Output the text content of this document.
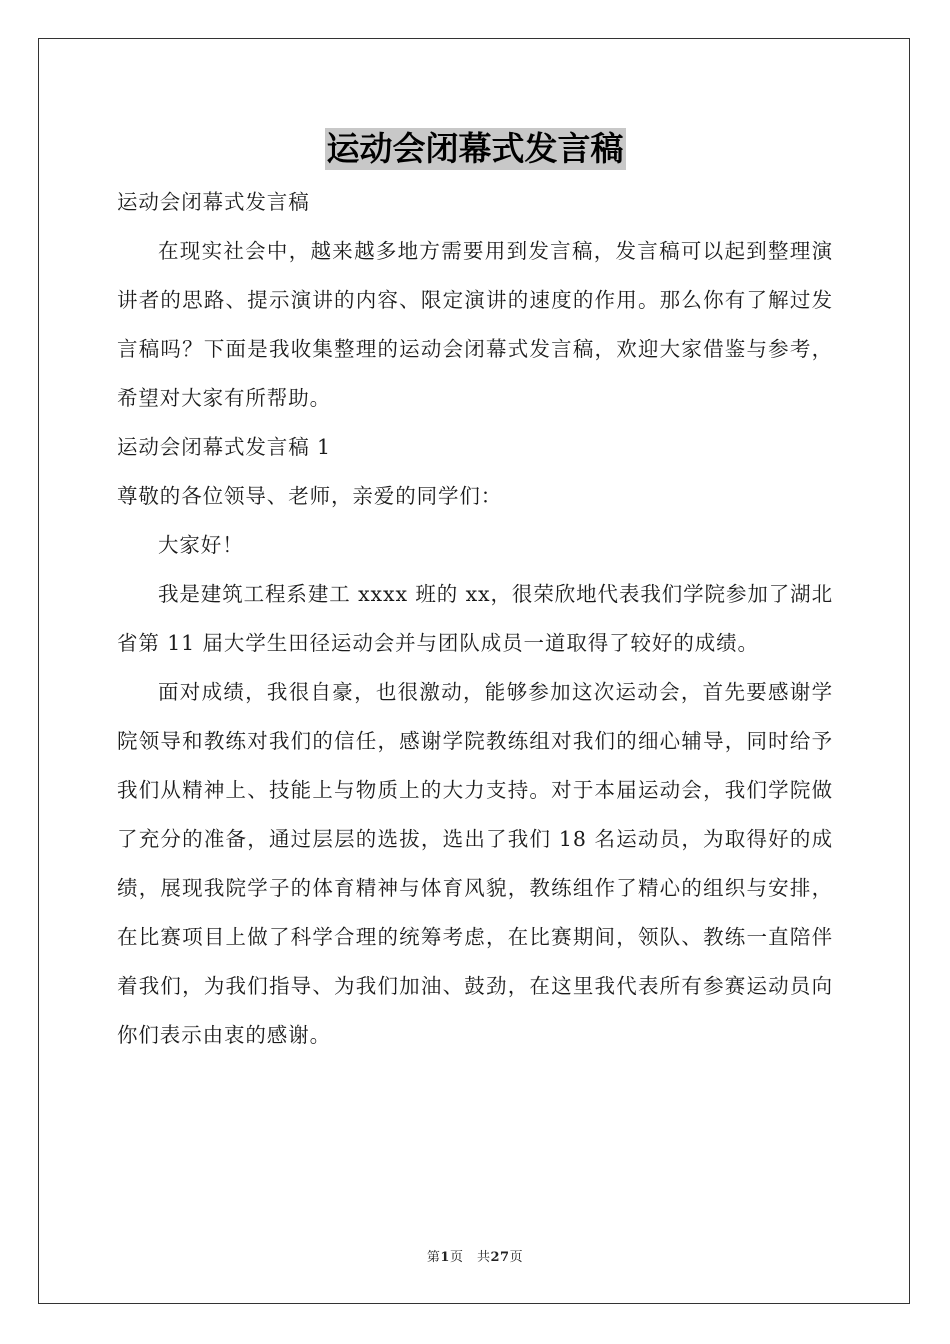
运动会闭幕式发言稿

运动会闭幕式发言稿

在现实社会中，越来越多地方需要用到发言稿，发言稿可以起到整理演讲者的思路、提示演讲的内容、限定演讲的速度的作用。那么你有了解过发言稿吗？下面是我收集整理的运动会闭幕式发言稿，欢迎大家借鉴与参考，希望对大家有所帮助。

运动会闭幕式发言稿 1

尊敬的各位领导、老师，亲爱的同学们：

大家好！

我是建筑工程系建工 xxxx 班的 xx，很荣欣地代表我们学院参加了湖北省第 11 届大学生田径运动会并与团队成员一道取得了较好的成绩。

面对成绩，我很自豪，也很激动，能够参加这次运动会，首先要感谢学院领导和教练对我们的信任，感谢学院教练组对我们的细心辅导，同时给予我们从精神上、技能上与物质上的大力支持。对于本届运动会，我们学院做了充分的准备，通过层层的选拔，选出了我们 18 名运动员，为取得好的成绩，展现我院学子的体育精神与体育风貌，教练组作了精心的组织与安排，在比赛项目上做了科学合理的统筹考虑，在比赛期间，领队、教练一直陪伴着我们，为我们指导、为我们加油、鼓劲，在这里我代表所有参赛运动员向你们表示由衷的感谢。

第1页　共27页
